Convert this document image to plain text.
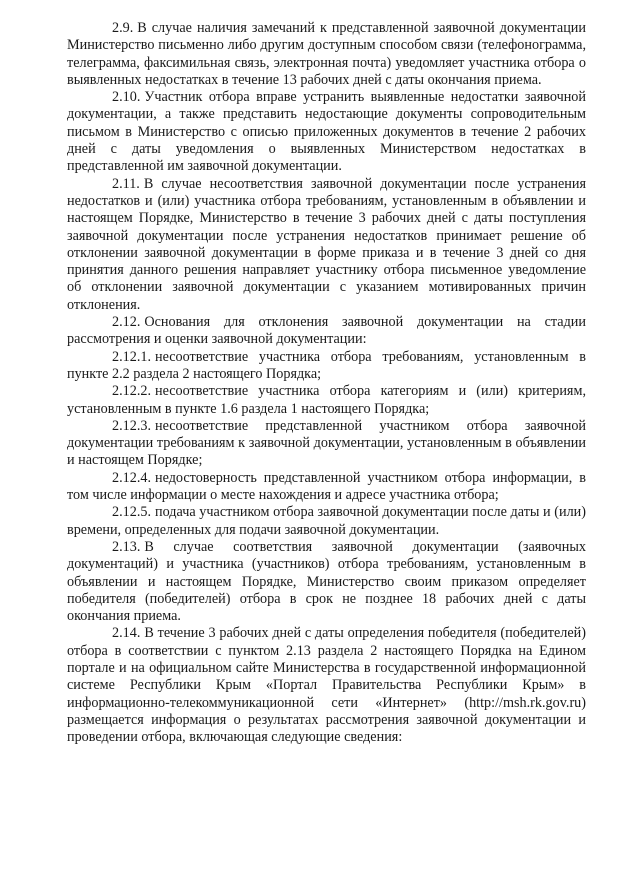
2.9. В случае наличия замечаний к представленной заявочной документации Министерство письменно либо другим доступным способом связи (телефонограмма, телеграмма, факсимильная связь, электронная почта) уведомляет участника отбора о выявленных недостатках в течение 13 рабочих дней с даты окончания приема.

2.10. Участник отбора вправе устранить выявленные недостатки заявочной документации, а также представить недостающие документы сопроводительным письмом в Министерство с описью приложенных документов в течение 2 рабочих дней с даты уведомления о выявленных Министерством недостатках в представленной им заявочной документации.

2.11. В случае несоответствия заявочной документации после устранения недостатков и (или) участника отбора требованиям, установленным в объявлении и настоящем Порядке, Министерство в течение 3 рабочих дней с даты поступления заявочной документации после устранения недостатков принимает решение об отклонении заявочной документации в форме приказа и в течение 3 дней со дня принятия данного решения направляет участнику отбора письменное уведомление об отклонении заявочной документации с указанием мотивированных причин отклонения.

2.12. Основания для отклонения заявочной документации на стадии рассмотрения и оценки заявочной документации:

2.12.1. несоответствие участника отбора требованиям, установленным в пункте 2.2 раздела 2 настоящего Порядка;

2.12.2. несоответствие участника отбора категориям и (или) критериям, установленным в пункте 1.6 раздела 1 настоящего Порядка;

2.12.3. несоответствие представленной участником отбора заявочной документации требованиям к заявочной документации, установленным в объявлении и настоящем Порядке;

2.12.4. недостоверность представленной участником отбора информации, в том числе информации о месте нахождения и адресе участника отбора;

2.12.5. подача участником отбора заявочной документации после даты и (или) времени, определенных для подачи заявочной документации.

2.13. В случае соответствия заявочной документации (заявочных документаций) и участника (участников) отбора требованиям, установленным в объявлении и настоящем Порядке, Министерство своим приказом определяет победителя (победителей) отбора в срок не позднее 18 рабочих дней с даты окончания приема.

2.14. В течение 3 рабочих дней с даты определения победителя (победителей) отбора в соответствии с пунктом 2.13 раздела 2 настоящего Порядка на Едином портале и на официальном сайте Министерства в государственной информационной системе Республики Крым «Портал Правительства Республики Крым» в информационно-телекоммуникационной сети «Интернет» (http://msh.rk.gov.ru) размещается информация о результатах рассмотрения заявочной документации и проведении отбора, включающая следующие сведения:
